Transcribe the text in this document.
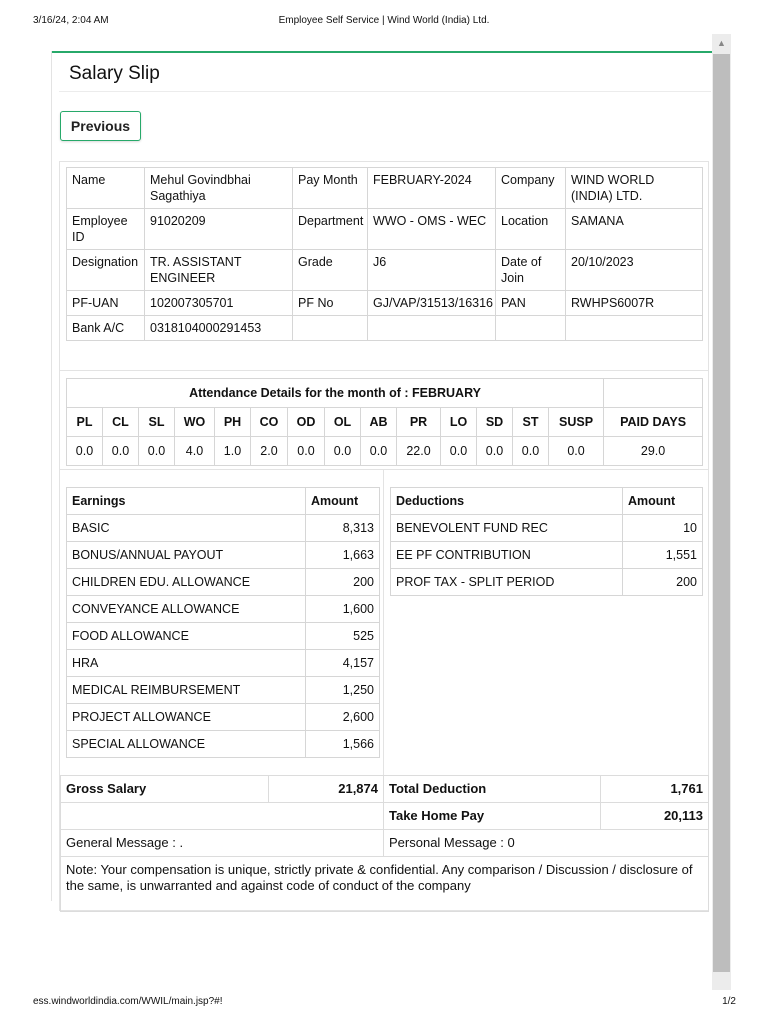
3/16/24, 2:04 AM	Employee Self Service | Wind World (India) Ltd.
▲
Salary Slip
Previous
Name	Mehul Govindbhai Sagathiya	Pay Month	FEBRUARY-2024	Company	WIND WORLD (INDIA) LTD.
Employee ID	91020209	Department	WWO - OMS - WEC	Location	SAMANA
Designation	TR. ASSISTANT ENGINEER	Grade	J6	Date of Join	20/10/2023
PF-UAN	102007305701	PF No	GJ/VAP/31513/16316	PAN	RWHPS6007R
Bank A/C	0318104000291453				
Attendance Details for the month of : FEBRUARY														
PL	CL	SL	WO	PH	CO	OD	OL	AB	PR	LO	SD	ST	SUSP	PAID DAYS
0.0	0.0	0.0	4.0	1.0	2.0	0.0	0.0	0.0	22.0	0.0	0.0	0.0	0.0	29.0
Earnings	Amount
BASIC	8,313
BONUS/ANNUAL PAYOUT	1,663
CHILDREN EDU. ALLOWANCE	200
CONVEYANCE ALLOWANCE	1,600
FOOD ALLOWANCE	525
HRA	4,157
MEDICAL REIMBURSEMENT	1,250
PROJECT ALLOWANCE	2,600
SPECIAL ALLOWANCE	1,566
Deductions	Amount
BENEVOLENT FUND REC	10
EE PF CONTRIBUTION	1,551
PROF TAX - SPLIT PERIOD	200
Gross Salary	21,874	Total Deduction	1,761
		Take Home Pay	20,113
General Message : .		Personal Message : 0	
Note: Your compensation is unique, strictly private & confidential. Any comparison / Discussion / disclosure of the same, is unwarranted and against code of conduct of the company			
ess.windworldindia.com/WWIL/main.jsp?#!	1/2
